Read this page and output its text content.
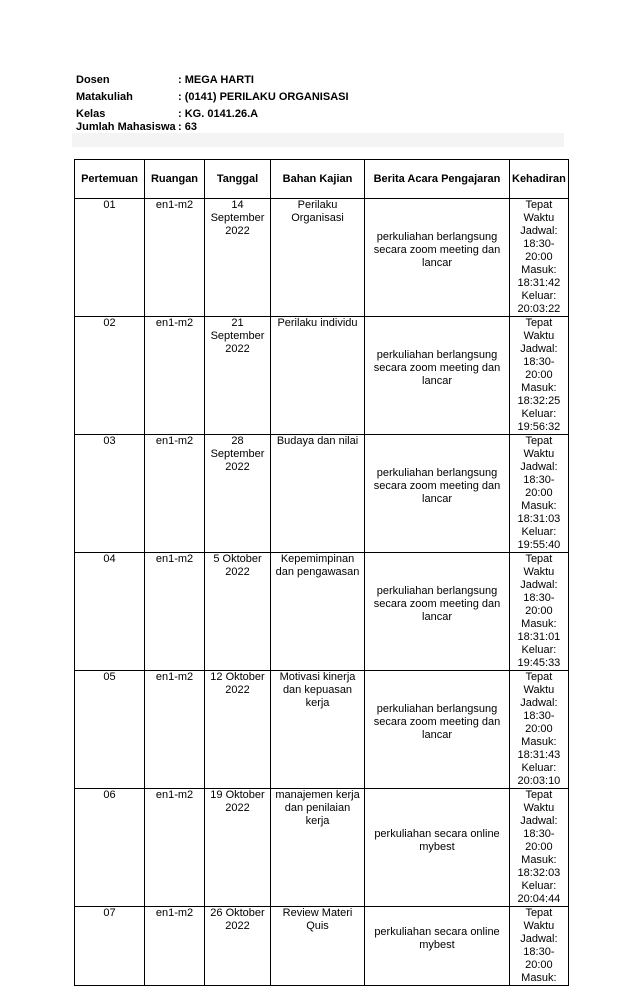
Dosen	: MEGA HARTI
Matakuliah	: (0141) PERILAKU ORGANISASI
Kelas	: KG. 0141.26.A
Jumlah Mahasiswa : 63
Pertemuan	Ruangan	Tanggal	Bahan Kajian	Berita Acara Pengajaran	Kehadiran
01	en1-m2	14 September 2022	Perilaku Organisasi	perkuliahan berlangsung secara zoom meeting dan lancar	Tepat Waktu Jadwal: 18:30-20:00 Masuk: 18:31:42 Keluar: 20:03:22
02	en1-m2	21 September 2022	Perilaku individu	perkuliahan berlangsung secara zoom meeting dan lancar	Tepat Waktu Jadwal: 18:30-20:00 Masuk: 18:32:25 Keluar: 19:56:32
03	en1-m2	28 September 2022	Budaya dan nilai	perkuliahan berlangsung secara zoom meeting dan lancar	Tepat Waktu Jadwal: 18:30-20:00 Masuk: 18:31:03 Keluar: 19:55:40
04	en1-m2	5 Oktober 2022	Kepemimpinan dan pengawasan	perkuliahan berlangsung secara zoom meeting dan lancar	Tepat Waktu Jadwal: 18:30-20:00 Masuk: 18:31:01 Keluar: 19:45:33
05	en1-m2	12 Oktober 2022	Motivasi kinerja dan kepuasan kerja	perkuliahan berlangsung secara zoom meeting dan lancar	Tepat Waktu Jadwal: 18:30-20:00 Masuk: 18:31:43 Keluar: 20:03:10
06	en1-m2	19 Oktober 2022	manajemen kerja dan penilaian kerja	perkuliahan secara online mybest	Tepat Waktu Jadwal: 18:30-20:00 Masuk: 18:32:03 Keluar: 20:04:44
07	en1-m2	26 Oktober 2022	Review Materi Quis	perkuliahan secara online mybest	Tepat Waktu Jadwal: 18:30-20:00 Masuk:
